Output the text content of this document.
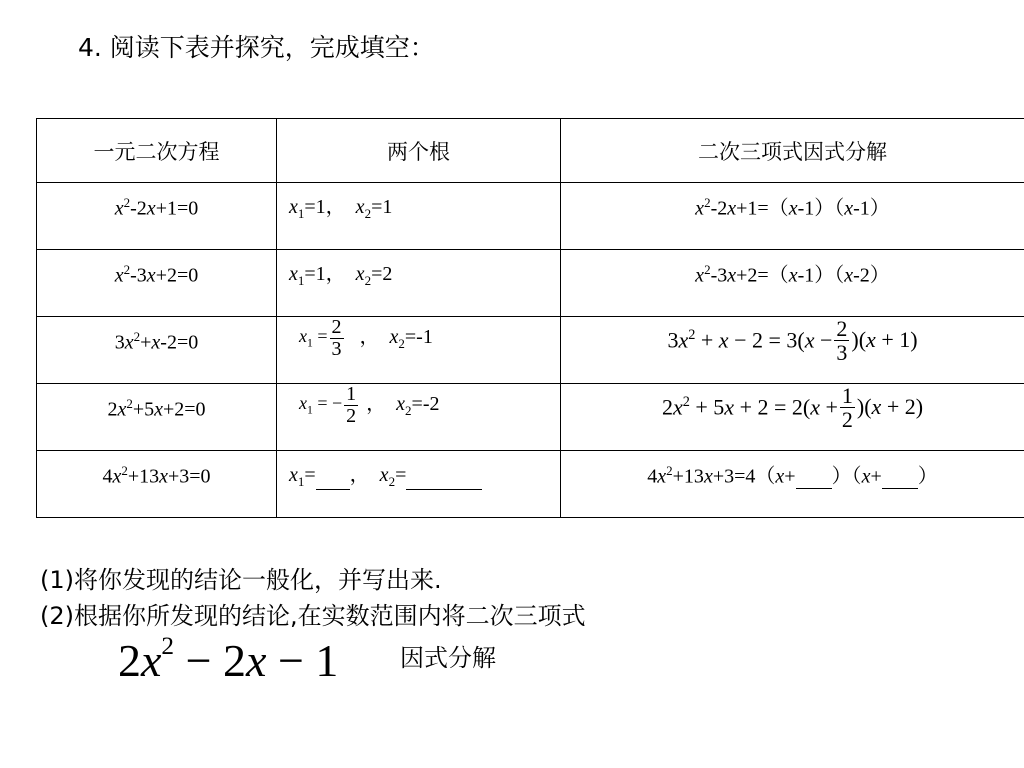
4. 阅读下表并探究，完成填空：
一元二次方程	两个根	二次三项式因式分解

$x^2-2x+1=0$	$x_1=1$，　$x_2=1$	$x^2-2x+1=(x-1)(x-1)$

$x^2-3x+2=0$	$x_1=1$，　$x_2=2$	$x^2-3x+2=(x-1)(x-2)$

$3x^2+x-2=0$	$x_1 = \frac{2}{3}$ ，　$x_2=-1$	$3x^2 + x - 2 = 3(x - \frac{2}{3} )(x + 1)$

$2x^2+5x+2=0$	$x_1$ = − $\frac{1}{2}$ ，　$x_2=-2$	$2x^2 + 5x + 2 = 2(x + \frac{1}{2} )(x + 2)$

$4x^2+13x+3=0$	$x_1=$ ，　$x_2=$	$4x^2+13x+3=4(x+ )(x+$ ）
(1)将你发现的结论一般化，并写出来.
(2)根据你所发现的结论,在实数范围内将二次三项式
$2x^2 - 2x - 1$	因式分解
